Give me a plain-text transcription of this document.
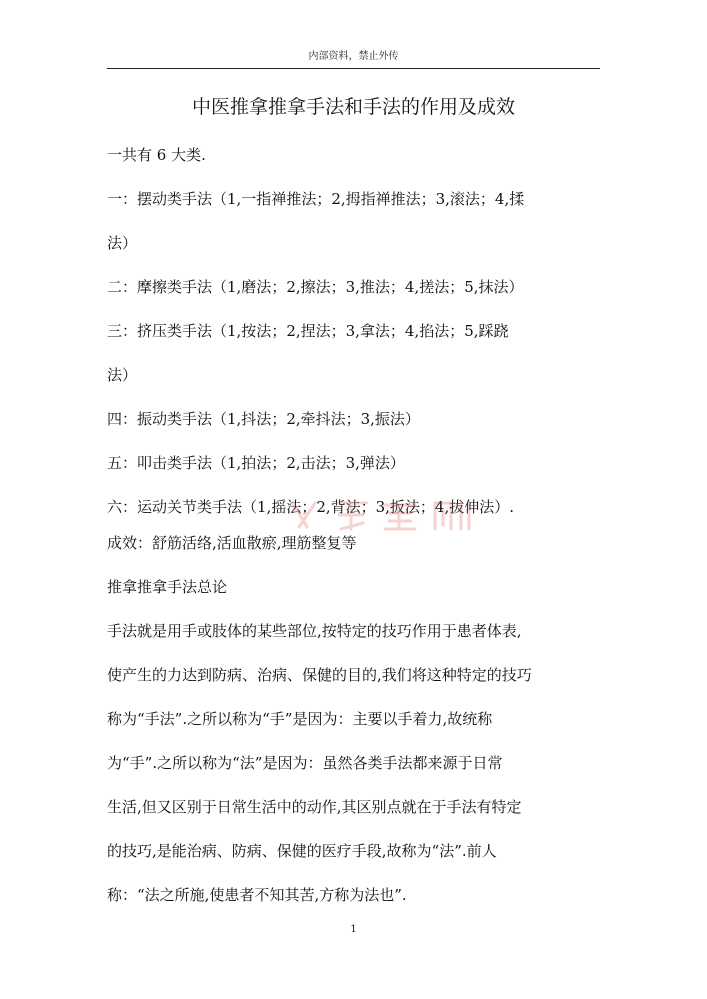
内部资料，禁止外传
中医推拿推拿手法和手法的作用及成效

一共有 6 大类.

一：摆动类手法（1,一指禅推法；2,拇指禅推法；3,滚法；4,揉

法）

二：摩擦类手法（1,磨法；2,擦法；3,推法；4,搓法；5,抹法）

三：挤压类手法（1,按法；2,捏法；3,拿法；4,掐法；5,踩跷

法）

四：振动类手法（1,抖法；2,牵抖法；3,振法）

五：叩击类手法（1,拍法；2,击法；3,弹法）

六：运动关节类手法（1,摇法；2,背法；3,扳法；4,拔伸法）.

成效：舒筋活络,活血散瘀,理筋整复等

推拿推拿手法总论

手法就是用手或肢体的某些部位,按特定的技巧作用于患者体表,

使产生的力达到防病、治病、保健的目的,我们将这种特定的技巧

称为“手法”.之所以称为“手”是因为：主要以手着力,故统称

为“手”.之所以称为“法”是因为：虽然各类手法都来源于日常

生活,但又区别于日常生活中的动作,其区别点就在于手法有特定

的技巧,是能治病、防病、保健的医疗手段,故称为“法”.前人

称：“法之所施,使患者不知其苦,方称为法也”.

1
